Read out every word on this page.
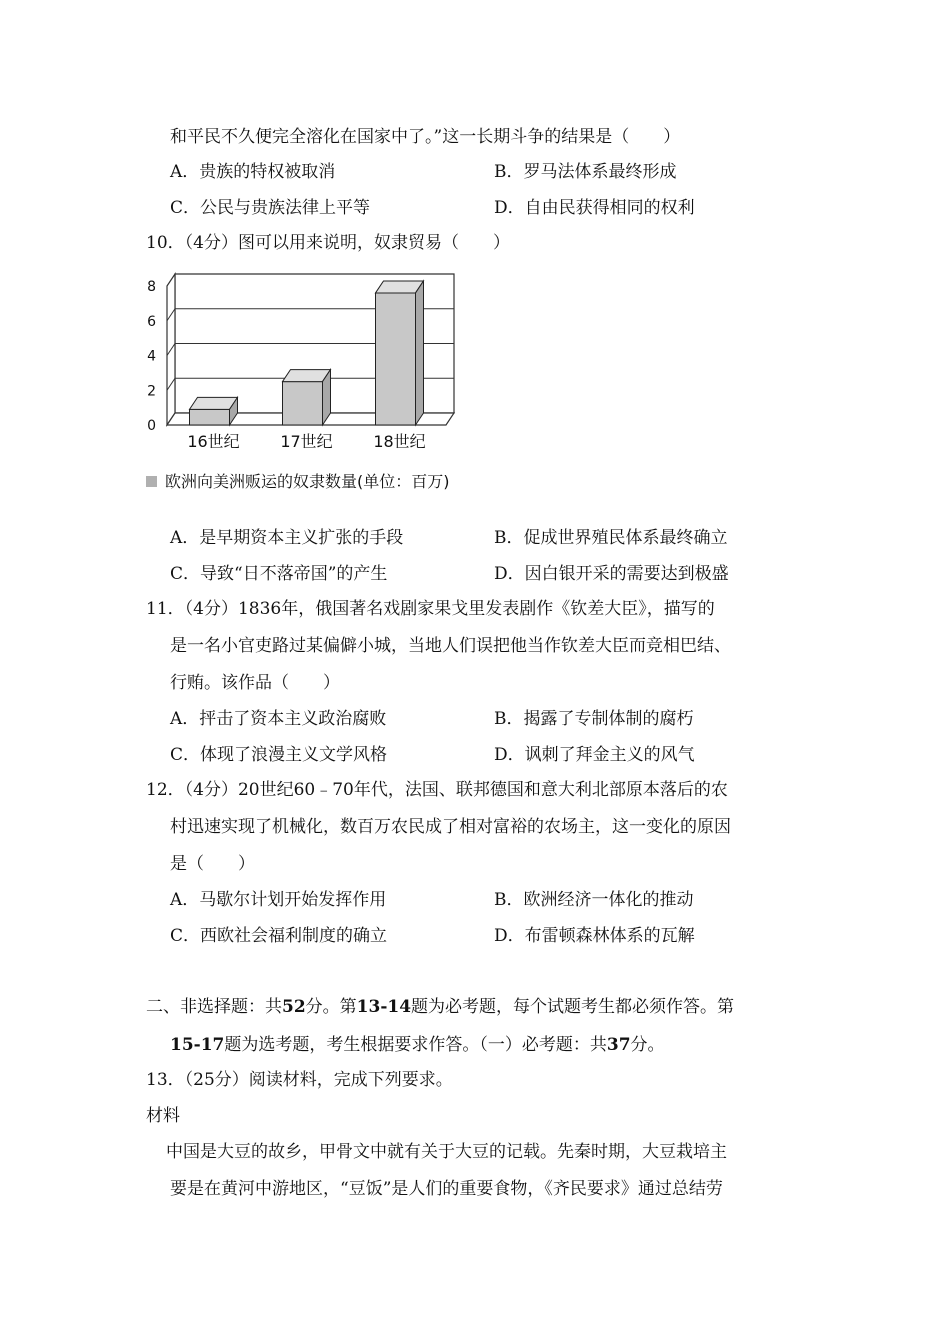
和平民不久便完全溶化在国家中了。”这一长期斗争的结果是（　　）
A．贵族的特权被取消	B．罗马法体系最终形成
C．公民与贵族法律上平等	D．自由民获得相同的权利
10．（4分）图可以用来说明，奴隶贸易（　　）
0
2
4
6
8
16世纪	17世纪	18世纪
欧洲向美洲贩运的奴隶数量(单位：百万)
A．是早期资本主义扩张的手段	B．促成世界殖民体系最终确立
C．导致“日不落帝国”的产生	D．因白银开采的需要达到极盛
11．（4分）1836年，俄国著名戏剧家果戈里发表剧作《钦差大臣》，描写的
是一名小官吏路过某偏僻小城，当地人们误把他当作钦差大臣而竞相巴结、
行贿。该作品（　　）
A．抨击了资本主义政治腐败	B．揭露了专制体制的腐朽
C．体现了浪漫主义文学风格	D．讽刺了拜金主义的风气
12．（4分）20世纪60﹣70年代，法国、联邦德国和意大利北部原本落后的农
村迅速实现了机械化，数百万农民成了相对富裕的农场主，这一变化的原因
是（　　）
A．马歇尔计划开始发挥作用	B．欧洲经济一体化的推动
C．西欧社会福利制度的确立	D．布雷顿森林体系的瓦解
二、非选择题：共52分。第13-14题为必考题，每个试题考生都必须作答。第
15-17题为选考题，考生根据要求作答。（一）必考题：共37分。
13．（25分）阅读材料，完成下列要求。
材料
中国是大豆的故乡，甲骨文中就有关于大豆的记载。先秦时期，大豆栽培主
要是在黄河中游地区，“豆饭”是人们的重要食物，《齐民要求》通过总结劳
